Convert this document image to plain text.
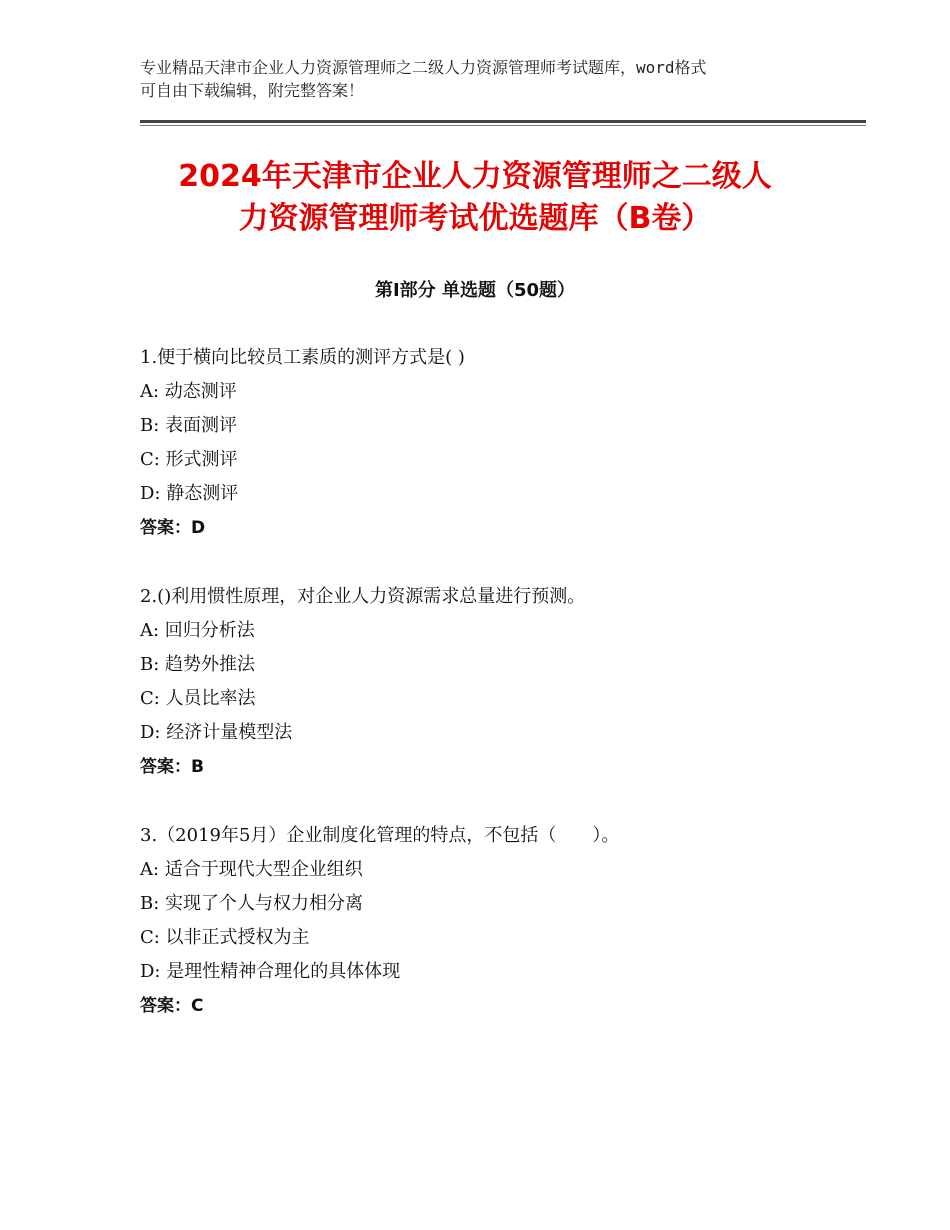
专业精品天津市企业人力资源管理师之二级人力资源管理师考试题库，word格式
可自由下载编辑，附完整答案！
2024年天津市企业人力资源管理师之二级人
力资源管理师考试优选题库（B卷）
第Ⅰ部分 单选题（50题）
1.便于横向比较员工素质的测评方式是( )
A: 动态测评
B: 表面测评
C: 形式测评
D: 静态测评
答案：D
2.()利用惯性原理，对企业人力资源需求总量进行预测。
A: 回归分析法
B: 趋势外推法
C: 人员比率法
D: 经济计量模型法
答案：B
3.（2019年5月）企业制度化管理的特点，不包括（　　）。
A: 适合于现代大型企业组织
B: 实现了个人与权力相分离
C: 以非正式授权为主
D: 是理性精神合理化的具体体现
答案：C
